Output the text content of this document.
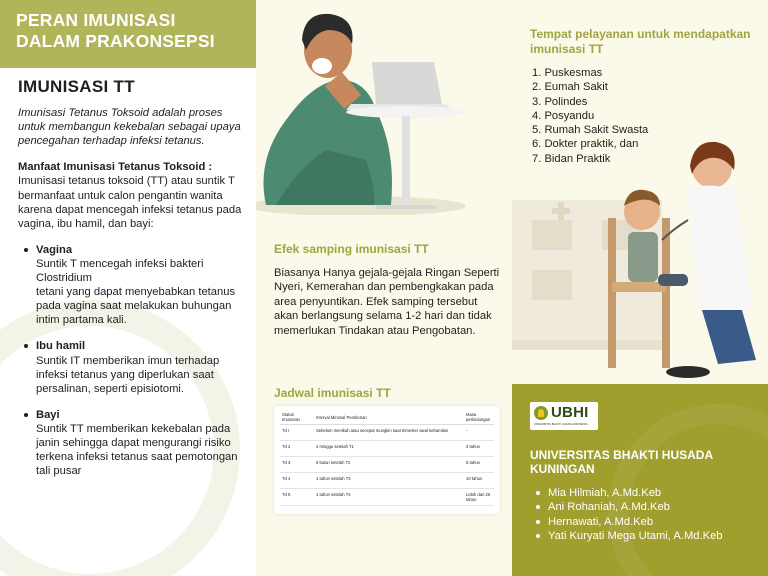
PERAN IMUNISASI
DALAM PRAKONSEPSI
IMUNISASI TT
Imunisasi Tetanus Toksoid adalah proses untuk membangun kekebalan sebagai upaya pencegahan terhadap infeksi tetanus.
Manfaat Imunisasi Tetanus Toksoid :
Imunisasi tetanus toksoid (TT) atau suntik T bermanfaat untuk calon pengantin wanita karena dapat mencegah infeksi tetanus pada vagina, ibu hamil, dan bayi:
Vagina
Suntik T mencegah infeksi bakteri Clostridium
tetani yang dapat menyebabkan tetanus pada vagina saat melakukan buhungan intim partama kali.
Ibu hamil
Suntik IT memberikan imun terhadap infeksi tetanus yang diperlukan saat persalinan, seperti episiotomi.
Bayi
Suntik TT memberikan kekebalan pada janin sehingga dapat mengurangi risiko terkena infeksi tetanus saat pemotongan tali pusar
Efek samping imunisasi TT
Biasanya Hanya gejala-gejala Ringan Seperti Nyeri, Kemerahan dan pembengkakan pada area penyuntikan. Efek samping tersebut akan berlangsung selama 1-2 hari dan tidak memerlukan Tindakan atau Pengobatan.
Jadwal imunisasi TT
Status Imunisasi	Interval Minimal Pemberian	Masa perlindungan
Td I	Sebelum menikah atau secepat mungkin saat trimester awal kehamilan	-
Td 2	4 minggu setelah T1	3 tahun
Td 3	6 bulan setelah T2	5 tahun
Td 4	1 tahun setelah T3	10 tahun
Td 5	1 tahun setelah T4	Lebih dari 25 tahun
Tempat pelayanan untuk mendapatkan imunisasi TT
1. Puskesmas
2. Eumah Sakit
3. Polindes
4. Posyandu
5. Rumah Sakit Swasta
6. Dokter praktik, dan
7. Bidan Praktik
UBHI
UNIVERSITAS BHAKTI HUSADA INDONESIA
UNIVERSITAS BHAKTI HUSADA KUNINGAN
Mia Hilmiah, A.Md.Keb
Ani Rohaniah, A.Md.Keb
Hernawati, A.Md.Keb
Yati Kuryati Mega Utami, A.Md.Keb
